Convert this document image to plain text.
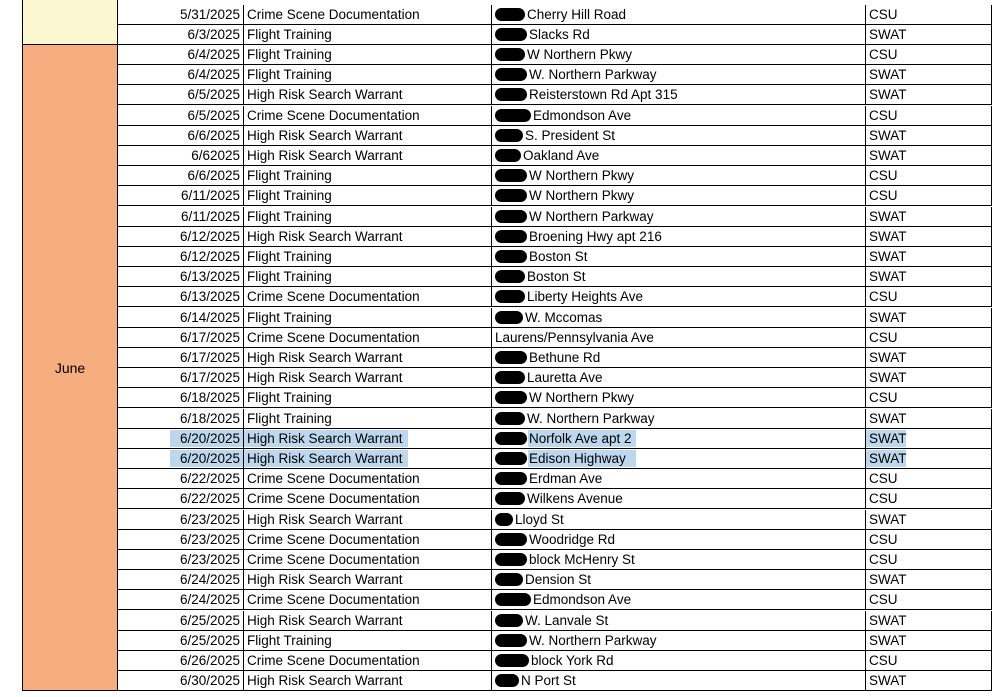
June
5/31/2025 Crime Scene Documentation	Cherry Hill Road	CSU
6/3/2025 Flight Training	Slacks Rd	SWAT
6/4/2025 Flight Training	W Northern Pkwy	CSU
6/4/2025 Flight Training	W. Northern Parkway	SWAT
6/5/2025 High Risk Search Warrant	Reisterstown Rd Apt 315	SWAT
6/5/2025 Crime Scene Documentation	Edmondson Ave	CSU
6/6/2025 High Risk Search Warrant	S. President St	SWAT
6/62025 High Risk Search Warrant	Oakland Ave	SWAT
6/6/2025 Flight Training	W Northern Pkwy	CSU
6/11/2025 Flight Training	W Northern Pkwy	CSU
6/11/2025 Flight Training	W Northern Parkway	SWAT
6/12/2025 High Risk Search Warrant	Broening Hwy apt 216	SWAT
6/12/2025 Flight Training	Boston St	SWAT
6/13/2025 Flight Training	Boston St	SWAT
6/13/2025 Crime Scene Documentation	Liberty Heights Ave	CSU
6/14/2025 Flight Training	W. Mccomas	SWAT
6/17/2025 Crime Scene Documentation	Laurens/Pennsylvania Ave	CSU
6/17/2025 High Risk Search Warrant	Bethune Rd	SWAT
6/17/2025 High Risk Search Warrant	Lauretta Ave	SWAT
6/18/2025 Flight Training	W Northern Pkwy	CSU
6/18/2025 Flight Training	W. Northern Parkway	SWAT
6/20/2025 High Risk Search Warrant	Norfolk Ave apt 2	SWAT
6/20/2025 High Risk Search Warrant	Edison Highway	SWAT
6/22/2025 Crime Scene Documentation	Erdman Ave	CSU
6/22/2025 Crime Scene Documentation	Wilkens Avenue	CSU
6/23/2025 High Risk Search Warrant	Lloyd St	SWAT
6/23/2025 Crime Scene Documentation	Woodridge Rd	CSU
6/23/2025 Crime Scene Documentation	block McHenry St	CSU
6/24/2025 High Risk Search Warrant	Dension St	SWAT
6/24/2025 Crime Scene Documentation	Edmondson Ave	CSU
6/25/2025 High Risk Search Warrant	W. Lanvale St	SWAT
6/25/2025 Flight Training	W. Northern Parkway	SWAT
6/26/2025 Crime Scene Documentation	block York Rd	CSU
6/30/2025 High Risk Search Warrant	N Port St	SWAT
